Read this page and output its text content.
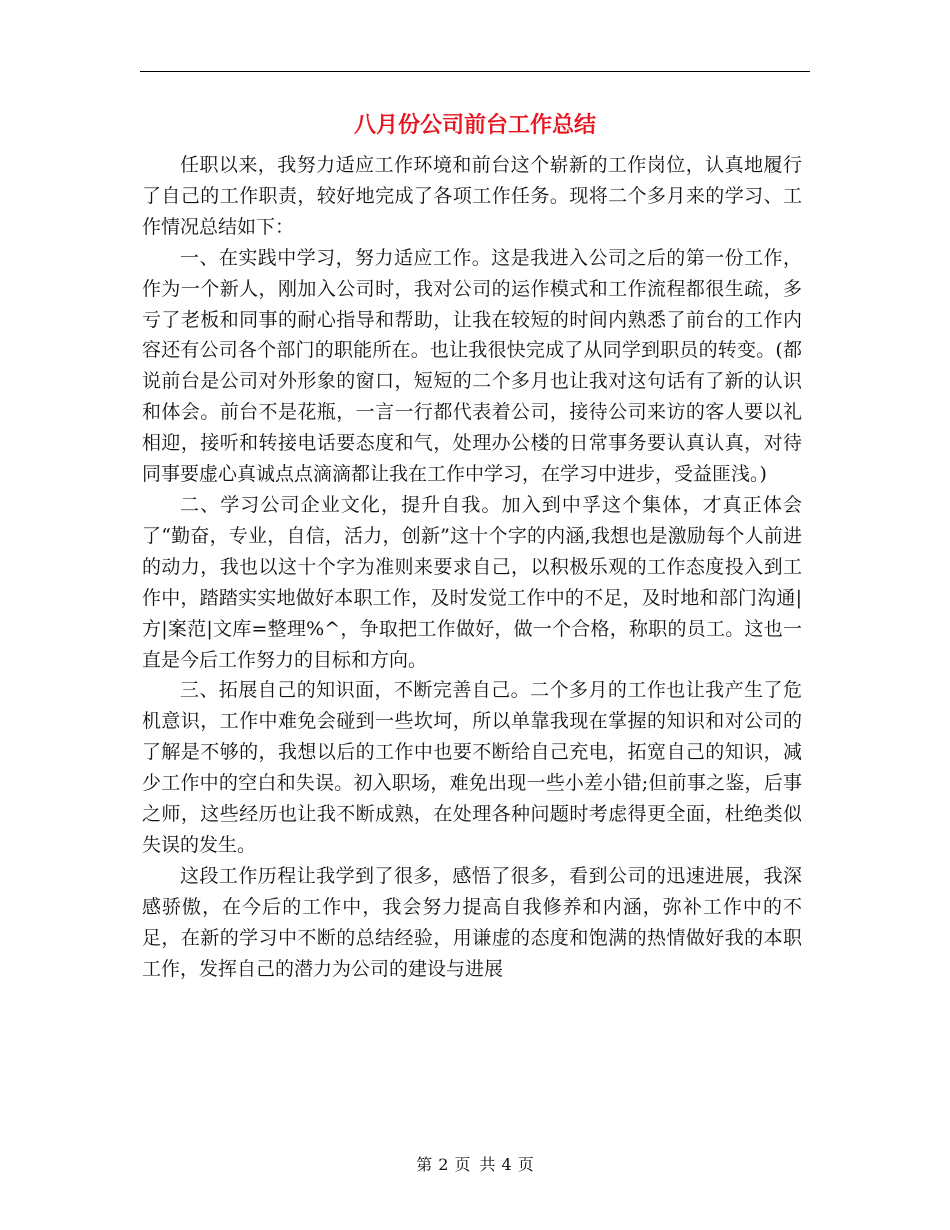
八月份公司前台工作总结

任职以来，我努力适应工作环境和前台这个崭新的工作岗位，认真地履行了自己的工作职责，较好地完成了各项工作任务。现将二个多月来的学习、工作情况总结如下：

一、在实践中学习，努力适应工作。这是我进入公司之后的第一份工作，作为一个新人，刚加入公司时，我对公司的运作模式和工作流程都很生疏，多亏了老板和同事的耐心指导和帮助，让我在较短的时间内熟悉了前台的工作内容还有公司各个部门的职能所在。也让我很快完成了从同学到职员的转变。(都说前台是公司对外形象的窗口，短短的二个多月也让我对这句话有了新的认识和体会。前台不是花瓶，一言一行都代表着公司，接待公司来访的客人要以礼相迎，接听和转接电话要态度和气，处理办公楼的日常事务要认真认真，对待同事要虚心真诚点点滴滴都让我在工作中学习，在学习中进步，受益匪浅。)

二、学习公司企业文化，提升自我。加入到中孚这个集体，才真正体会了“勤奋，专业，自信，活力，创新”这十个字的内涵,我想也是激励每个人前进的动力，我也以这十个字为准则来要求自己，以积极乐观的工作态度投入到工作中，踏踏实实地做好本职工作，及时发觉工作中的不足，及时地和部门沟通|方|案范|文库=整理%^，争取把工作做好，做一个合格，称职的员工。这也一直是今后工作努力的目标和方向。

三、拓展自己的知识面，不断完善自己。二个多月的工作也让我产生了危机意识，工作中难免会碰到一些坎坷，所以单靠我现在掌握的知识和对公司的了解是不够的，我想以后的工作中也要不断给自己充电，拓宽自己的知识，减少工作中的空白和失误。初入职场，难免出现一些小差小错;但前事之鉴，后事之师，这些经历也让我不断成熟，在处理各种问题时考虑得更全面，杜绝类似失误的发生。

这段工作历程让我学到了很多，感悟了很多，看到公司的迅速进展，我深感骄傲，在今后的工作中，我会努力提高自我修养和内涵，弥补工作中的不足，在新的学习中不断的总结经验，用谦虚的态度和饱满的热情做好我的本职工作，发挥自己的潜力为公司的建设与进展

第 2 页 共 4 页
